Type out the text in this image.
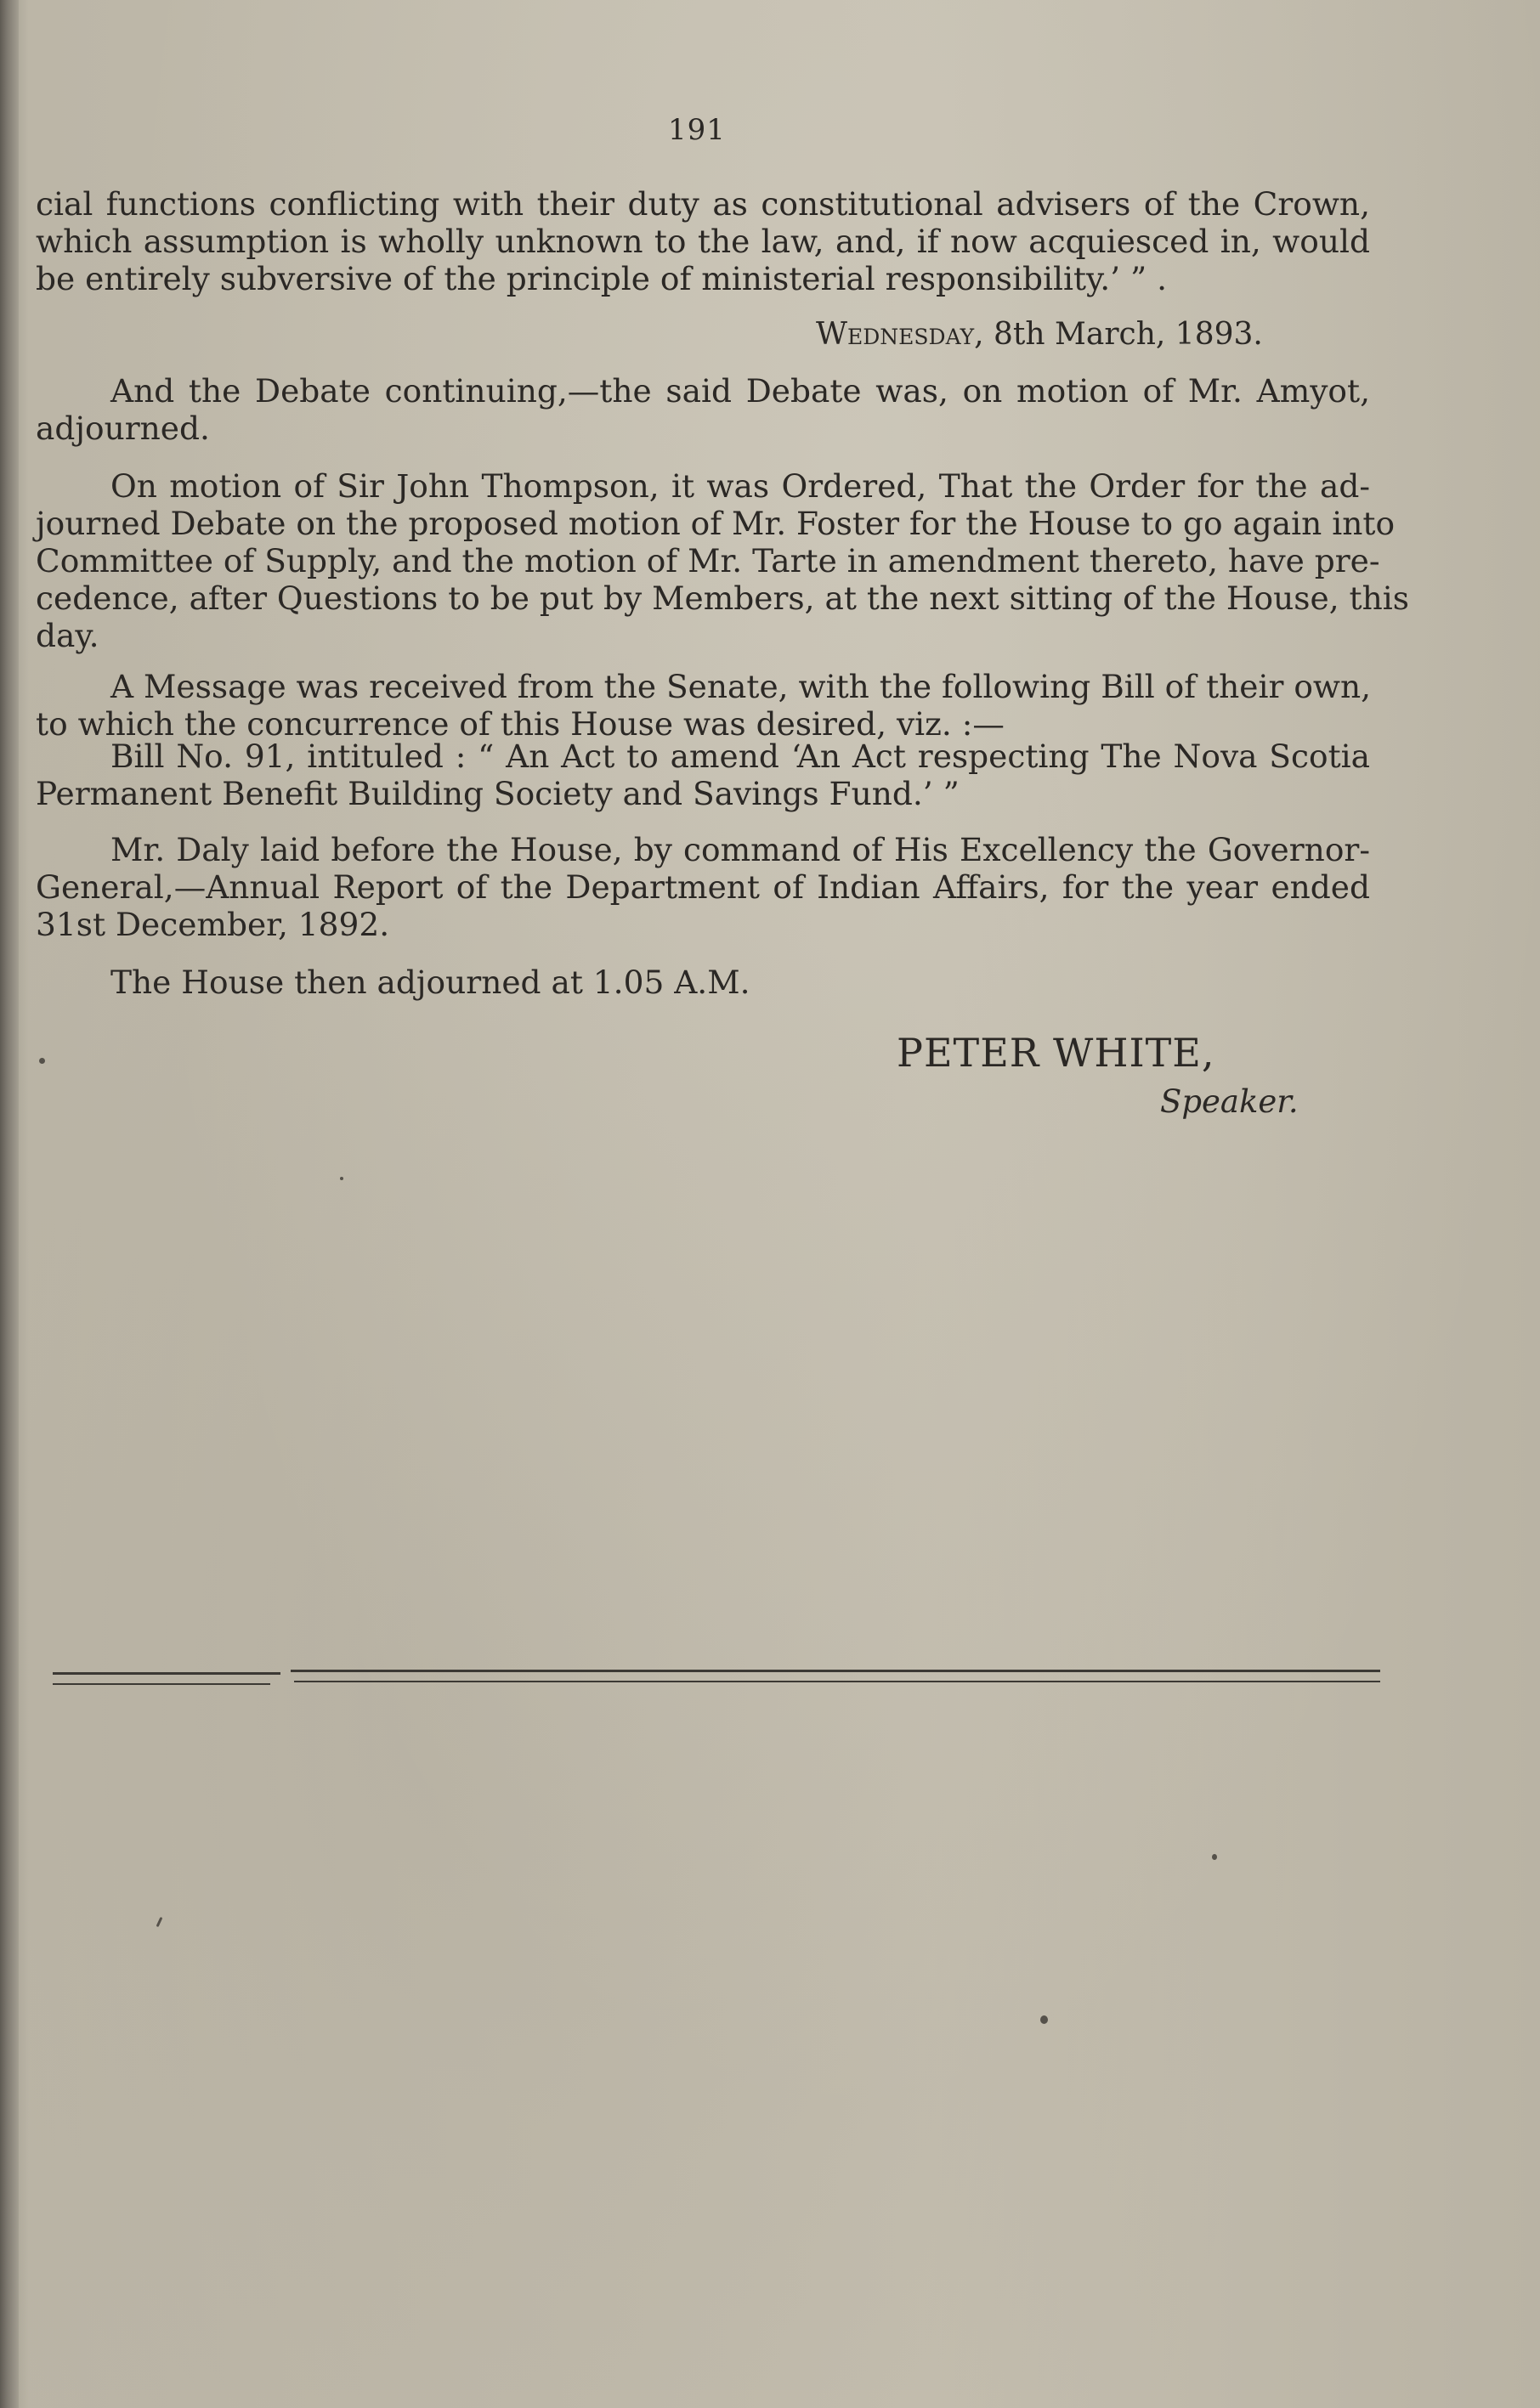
191
cial functions conflicting with their duty as constitutional advisers of the Crown,
which assumption is wholly unknown to the law, and, if now acquiesced in, would
be entirely subversive of the principle of ministerial responsibility.’ ” .
Wednesday, 8th March, 1893.
And the Debate continuing,—the said Debate was, on motion of Mr. Amyot,
adjourned.
On motion of Sir John Thompson, it was Ordered, That the Order for the ad-
journed Debate on the proposed motion of Mr. Foster for the House to go again into
Committee of Supply, and the motion of Mr. Tarte in amendment thereto, have pre-
cedence, after Questions to be put by Members, at the next sitting of the House, this
day.
A Message was received from the Senate, with the following Bill of their own,
to which the concurrence of this House was desired, viz. :—
Bill No. 91, intituled : “ An Act to amend ‘An Act respecting The Nova Scotia
Permanent Benefit Building Society and Savings Fund.’ ”
Mr. Daly laid before the House, by command of His Excellency the Governor-
General,—Annual Report of the Department of Indian Affairs, for the year ended
31st December, 1892.
The House then adjourned at 1.05 A.M.
PETER WHITE,
Speaker.
